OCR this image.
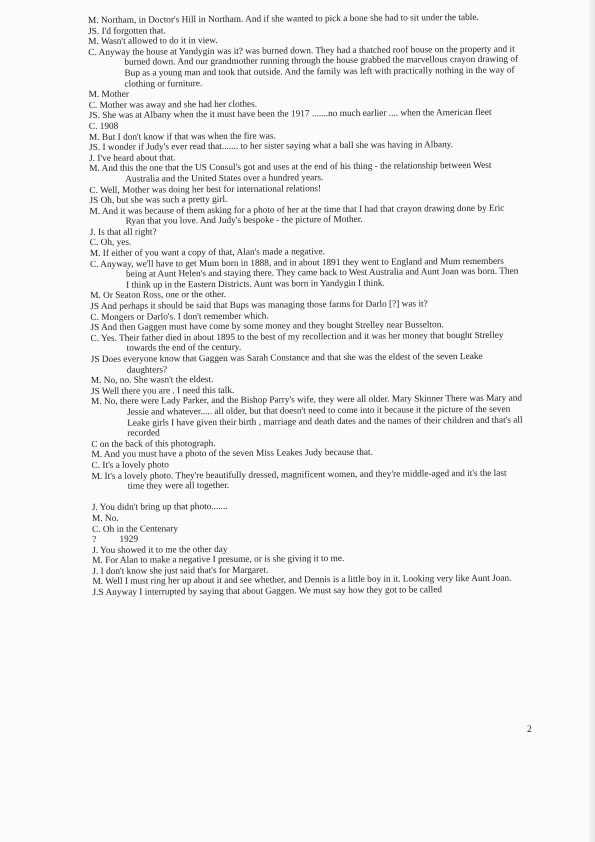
M. Northam, in Doctor's Hill in Northam. And if she wanted to pick a bone she had to sit under the table.
JS. I'd forgotten that.
M. Wasn't allowed to do it in view.
C. Anyway the house at Yandygin was it? was burned down. They had a thatched roof house on the property and it burned down. And our grandmother running through the house grabbed the marvellous crayon drawing of Bup as a young man and took that outside. And the family was left with practically nothing in the way of clothing or furniture.
M. Mother
C. Mother was away and she had her clothes.
JS. She was at Albany when the it must have been the 1917 .......no much earlier .... when the American fleet
C. 1908
M. But I don't know if that was when the fire was.
JS. I wonder if Judy's ever read that....... to her sister saying what a ball she was having in Albany.
J. I've heard about that.
M. And this the one that the US Consul's got and uses at the end of his thing - the relationship between West Australia and the United States over a hundred years.
C. Well, Mother was doing her best for international relations!
JS Oh, but she was such a pretty girl.
M. And it was because of them asking for a photo of her at the time that I had that crayon drawing done by Eric Ryan that you love. And Judy's bespoke - the picture of Mother.
J. Is that all right?
C. Oh, yes.
M. If either of you want a copy of that, Alan's made a negative.
C. Anyway, we'll have to get Mum born in 1888, and in about 1891 they went to England and Mum remembers being at Aunt Helen's and staying there. They came back to West Australia and Aunt Joan was born. Then I think up in the Eastern Districts. Aunt was born in Yandygin I think.
M. Or Seaton Ross, one or the other.
JS And perhaps it should be said that Bups was managing those farms for Darlo [?] was it?
C. Mongers or Darlo's. I don't remember which.
JS And then Gaggen must have come by some money and they bought Strelley near Busselton.
C. Yes. Their father died in about 1895 to the best of my recollection and it was her money that bought Strelley towards the end of the century.
JS Does everyone know that Gaggen was Sarah Constance and that she was the eldest of the seven Leake daughters?
M. No, no. She wasn't the eldest.
JS Well there you are . I need this talk.
M. No, there were Lady Parker, and the Bishop Parry's wife, they were all older. Mary Skinner There was Mary and Jessie and whatever..... all older, but that doesn't need to come into it because it the picture of the seven Leake girls I have given their birth , marriage and death dates and the names of their children and that's all recorded
C on the back of this photograph.
M. And you must have a photo of the seven Miss Leakes Judy because that.
C. It's a lovely photo
M. It's a lovely photo. They're beautifully dressed, magnificent women, and they're middle-aged and it's the last time they were all together.
J. You didn't bring up that photo.......
M. No.
C. Oh in the Centenary
?          1929
J. You showed it to me the other day
M. For Alan to make a negative I presume, or is she giving it to me.
J. I don't know she just said that's for Margaret.
M. Well I must ring her up about it and see whether, and Dennis is a little boy in it. Looking very like Aunt Joan.
J.S Anyway I interrupted by saying that about Gaggen. We must say how they got to be called
2
